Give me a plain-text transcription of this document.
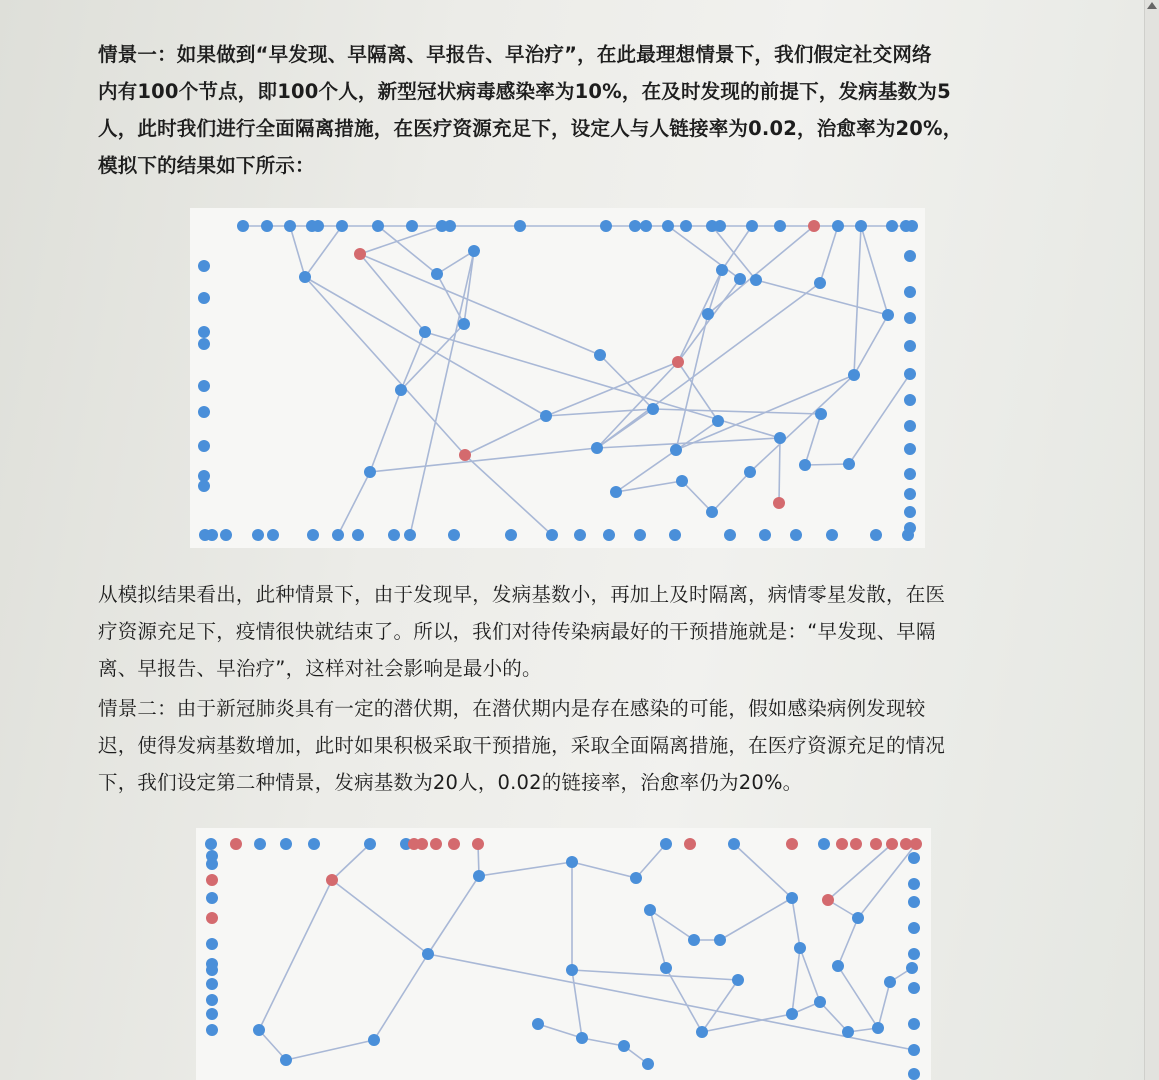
情景一：如果做到“早发现、早隔离、早报告、早治疗”，在此最理想情景下，我们假定社交网络
内有100个节点，即100个人，新型冠状病毒感染率为10%，在及时发现的前提下，发病基数为5
人，此时我们进行全面隔离措施，在医疗资源充足下，设定人与人链接率为0.02，治愈率为20%，
模拟下的结果如下所示：

从模拟结果看出，此种情景下，由于发现早，发病基数小，再加上及时隔离，病情零星发散，在医
疗资源充足下，疫情很快就结束了。所以，我们对待传染病最好的干预措施就是：“早发现、早隔
离、早报告、早治疗”，这样对社会影响是最小的。

情景二：由于新冠肺炎具有一定的潜伏期，在潜伏期内是存在感染的可能，假如感染病例发现较
迟，使得发病基数增加，此时如果积极采取干预措施，采取全面隔离措施，在医疗资源充足的情况
下，我们设定第二种情景，发病基数为20人，0.02的链接率，治愈率仍为20%。
